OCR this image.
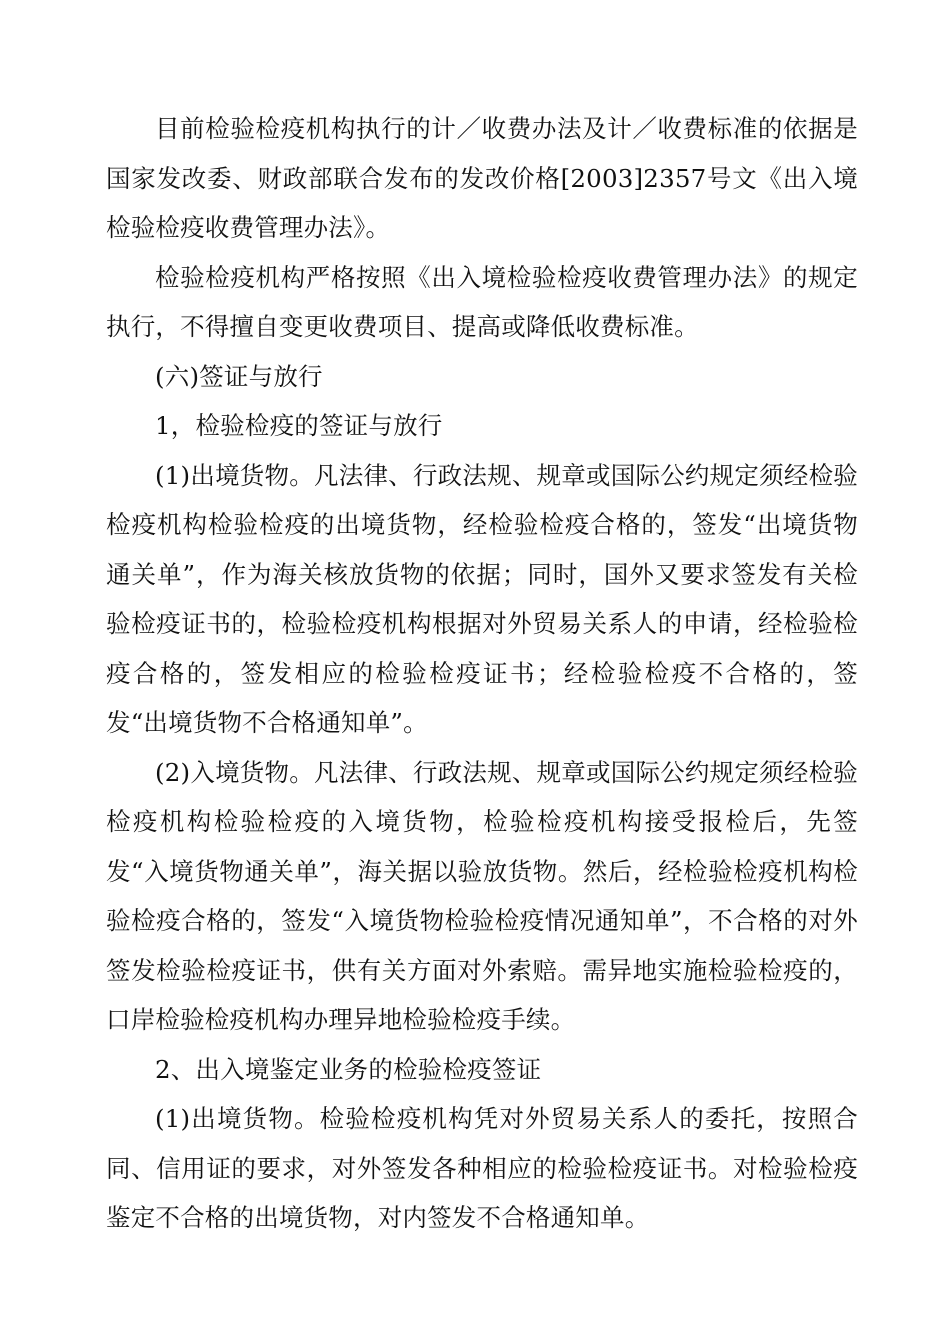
目前检验检疫机构执行的计／收费办法及计／收费标准的依据是国家发改委、财政部联合发布的发改价格[2003]2357号文《出入境检验检疫收费管理办法》。

检验检疫机构严格按照《出入境检验检疫收费管理办法》的规定执行，不得擅自变更收费项目、提高或降低收费标准。

(六)签证与放行

1，检验检疫的签证与放行

(1)出境货物。凡法律、行政法规、规章或国际公约规定须经检验检疫机构检验检疫的出境货物，经检验检疫合格的，签发“出境货物通关单”，作为海关核放货物的依据；同时，国外又要求签发有关检验检疫证书的，检验检疫机构根据对外贸易关系人的申请，经检验检疫合格的，签发相应的检验检疫证书；经检验检疫不合格的，签发“出境货物不合格通知单”。

(2)入境货物。凡法律、行政法规、规章或国际公约规定须经检验检疫机构检验检疫的入境货物，检验检疫机构接受报检后，先签发“入境货物通关单”，海关据以验放货物。然后，经检验检疫机构检验检疫合格的，签发“入境货物检验检疫情况通知单”，不合格的对外签发检验检疫证书，供有关方面对外索赔。需异地实施检验检疫的，口岸检验检疫机构办理异地检验检疫手续。

2、出入境鉴定业务的检验检疫签证

(1)出境货物。检验检疫机构凭对外贸易关系人的委托，按照合同、信用证的要求，对外签发各种相应的检验检疫证书。对检验检疫鉴定不合格的出境货物，对内签发不合格通知单。
